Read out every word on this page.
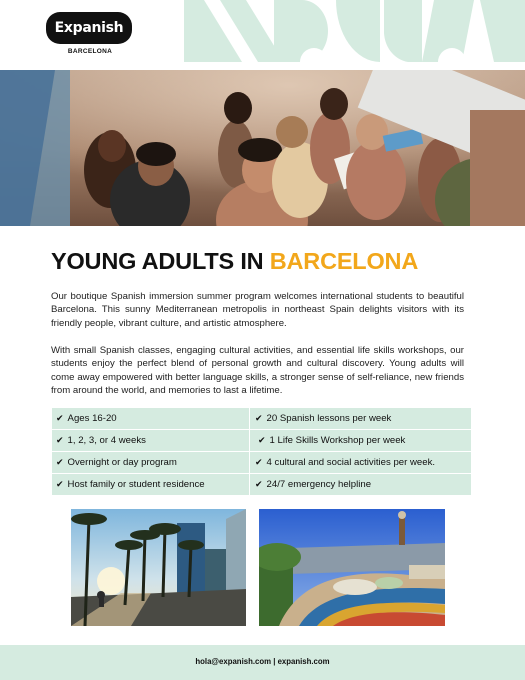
Expanish
BARCELONA
YOUNG ADULTS IN BARCELONA

Our boutique Spanish immersion summer program welcomes international students to beautiful Barcelona. This sunny Mediterranean metropolis in northeast Spain delights visitors with its friendly people, vibrant culture, and artistic atmosphere.

With small Spanish classes, engaging cultural activities, and essential life skills workshops, our students enjoy the perfect blend of personal growth and cultural discovery. Young adults will come away empowered with better language skills, a stronger sense of self-reliance, new friends from around the world, and memories to last a lifetime.

✔ Ages 16-20
✔ 1, 2, 3, or 4 weeks
✔ Overnight or day program
✔ Host family or student residence
✔ 20 Spanish lessons per week
✔ 1 Life Skills Workshop per week
✔ 4 cultural and social activities per week.
✔ 24/7 emergency helpline
hola@expanish.com | expanish.com
